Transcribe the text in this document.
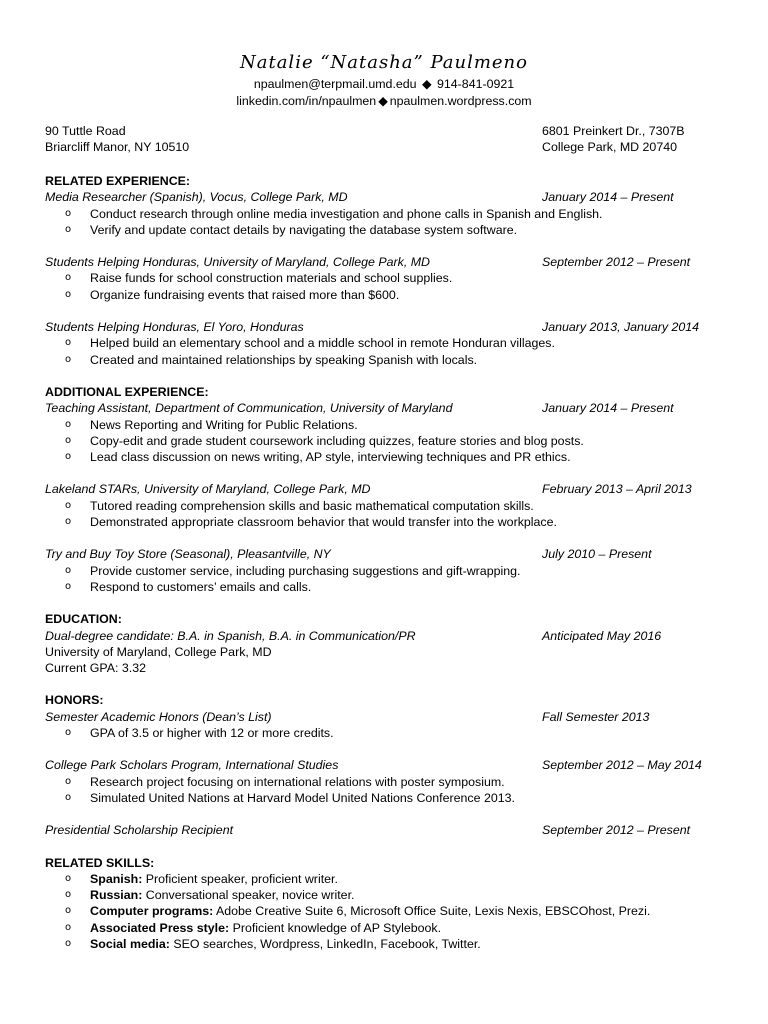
Natalie “Natasha” Paulmeno
npaulmen@terpmail.umd.edu ◆ 914-841-0921
linkedin.com/in/npaulmen ◆ npaulmen.wordpress.com
90 Tuttle Road
Briarcliff Manor, NY 10510
6801 Preinkert Dr., 7307B
College Park, MD 20740
RELATED EXPERIENCE:
Media Researcher (Spanish), Vocus, College Park, MD	January 2014 – Present
o Conduct research through online media investigation and phone calls in Spanish and English.
o Verify and update contact details by navigating the database system software.
Students Helping Honduras, University of Maryland, College Park, MD	September 2012 – Present
o Raise funds for school construction materials and school supplies.
o Organize fundraising events that raised more than $600.
Students Helping Honduras, El Yoro, Honduras	January 2013, January 2014
o Helped build an elementary school and a middle school in remote Honduran villages.
o Created and maintained relationships by speaking Spanish with locals.
ADDITIONAL EXPERIENCE:
Teaching Assistant, Department of Communication, University of Maryland	January 2014 – Present
o News Reporting and Writing for Public Relations.
o Copy-edit and grade student coursework including quizzes, feature stories and blog posts.
o Lead class discussion on news writing, AP style, interviewing techniques and PR ethics.
Lakeland STARs, University of Maryland, College Park, MD	February 2013 – April 2013
o Tutored reading comprehension skills and basic mathematical computation skills.
o Demonstrated appropriate classroom behavior that would transfer into the workplace.
Try and Buy Toy Store (Seasonal), Pleasantville, NY	July 2010 – Present
o Provide customer service, including purchasing suggestions and gift-wrapping.
o Respond to customers’ emails and calls.
EDUCATION:
Dual-degree candidate: B.A. in Spanish, B.A. in Communication/PR	Anticipated May 2016
University of Maryland, College Park, MD
Current GPA: 3.32
HONORS:
Semester Academic Honors (Dean’s List)	Fall Semester 2013
o GPA of 3.5 or higher with 12 or more credits.
College Park Scholars Program, International Studies	September 2012 – May 2014
o Research project focusing on international relations with poster symposium.
o Simulated United Nations at Harvard Model United Nations Conference 2013.
Presidential Scholarship Recipient	September 2012 – Present
RELATED SKILLS:
o Spanish: Proficient speaker, proficient writer.
o Russian: Conversational speaker, novice writer.
o Computer programs: Adobe Creative Suite 6, Microsoft Office Suite, Lexis Nexis, EBSCOhost, Prezi.
o Associated Press style: Proficient knowledge of AP Stylebook.
o Social media: SEO searches, Wordpress, LinkedIn, Facebook, Twitter.
